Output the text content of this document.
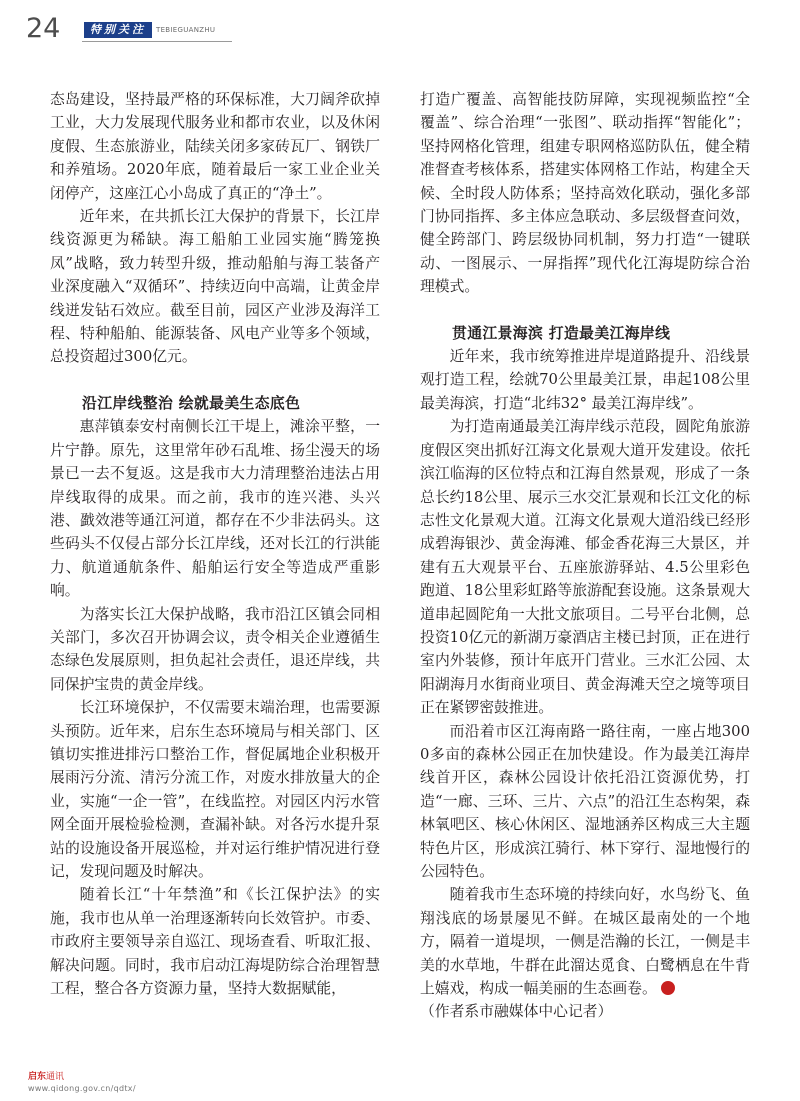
24	特别关注	TEBIEGUANZHU

态岛建设，坚持最严格的环保标准，大刀阔斧砍掉工业，大力发展现代服务业和都市农业，以及休闲度假、生态旅游业，陆续关闭多家砖瓦厂、钢铁厂和养殖场。2020年底，随着最后一家工业企业关闭停产，这座江心小岛成了真正的“净土”。

近年来，在共抓长江大保护的背景下，长江岸线资源更为稀缺。海工船舶工业园实施“腾笼换凤”战略，致力转型升级，推动船舶与海工装备产业深度融入“双循环”、持续迈向中高端，让黄金岸线迸发钻石效应。截至目前，园区产业涉及海洋工程、特种船舶、能源装备、风电产业等多个领域，总投资超过300亿元。

沿江岸线整治 绘就最美生态底色

惠萍镇泰安村南侧长江干堤上，滩涂平整，一片宁静。原先，这里常年砂石乱堆、扬尘漫天的场景已一去不复返。这是我市大力清理整治违法占用岸线取得的成果。而之前，我市的连兴港、头兴港、戤效港等通江河道，都存在不少非法码头。这些码头不仅侵占部分长江岸线，还对长江的行洪能力、航道通航条件、船舶运行安全等造成严重影响。

为落实长江大保护战略，我市沿江区镇会同相关部门，多次召开协调会议，责令相关企业遵循生态绿色发展原则，担负起社会责任，退还岸线，共同保护宝贵的黄金岸线。

长江环境保护，不仅需要末端治理，也需要源头预防。近年来，启东生态环境局与相关部门、区镇切实推进排污口整治工作，督促属地企业积极开展雨污分流、清污分流工作，对废水排放量大的企业，实施“一企一管”，在线监控。对园区内污水管网全面开展检验检测，查漏补缺。对各污水提升泵站的设施设备开展巡检，并对运行维护情况进行登记，发现问题及时解决。

随着长江“十年禁渔”和《长江保护法》的实施，我市也从单一治理逐渐转向长效管护。市委、市政府主要领导亲自巡江、现场查看、听取汇报、解决问题。同时，我市启动江海堤防综合治理智慧工程，整合各方资源力量，坚持大数据赋能，

打造广覆盖、高智能技防屏障，实现视频监控“全覆盖”、综合治理“一张图”、联动指挥“智能化”；坚持网格化管理，组建专职网格巡防队伍，健全精准督查考核体系，搭建实体网格工作站，构建全天候、全时段人防体系；坚持高效化联动，强化多部门协同指挥、多主体应急联动、多层级督查问效，健全跨部门、跨层级协同机制，努力打造“一键联动、一图展示、一屏指挥”现代化江海堤防综合治理模式。

贯通江景海滨 打造最美江海岸线

近年来，我市统筹推进岸堤道路提升、沿线景观打造工程，绘就70公里最美江景，串起108公里最美海滨，打造“北纬32° 最美江海岸线”。

为打造南通最美江海岸线示范段，圆陀角旅游度假区突出抓好江海文化景观大道开发建设。依托滨江临海的区位特点和江海自然景观，形成了一条总长约18公里、展示三水交汇景观和长江文化的标志性文化景观大道。江海文化景观大道沿线已经形成碧海银沙、黄金海滩、郁金香花海三大景区，并建有五大观景平台、五座旅游驿站、4.5公里彩色跑道、18公里彩虹路等旅游配套设施。这条景观大道串起圆陀角一大批文旅项目。二号平台北侧，总投资10亿元的新湖万豪酒店主楼已封顶，正在进行室内外装修，预计年底开门营业。三水汇公园、太阳湖海月水街商业项目、黄金海滩天空之境等项目正在紧锣密鼓推进。

而沿着市区江海南路一路往南，一座占地3000多亩的森林公园正在加快建设。作为最美江海岸线首开区，森林公园设计依托沿江资源优势，打造“一廊、三环、三片、六点”的沿江生态构架，森林氧吧区、核心休闲区、湿地涵养区构成三大主题特色片区，形成滨江骑行、林下穿行、湿地慢行的公园特色。

随着我市生态环境的持续向好，水鸟纷飞、鱼翔浅底的场景屡见不鲜。在城区最南处的一个地方，隔着一道堤坝，一侧是浩瀚的长江，一侧是丰美的水草地，牛群在此溜达觅食、白鹭栖息在牛背上嬉戏，构成一幅美丽的生态画卷。

（作者系市融媒体中心记者）

启东通讯
www.qidong.gov.cn/qdtx/
